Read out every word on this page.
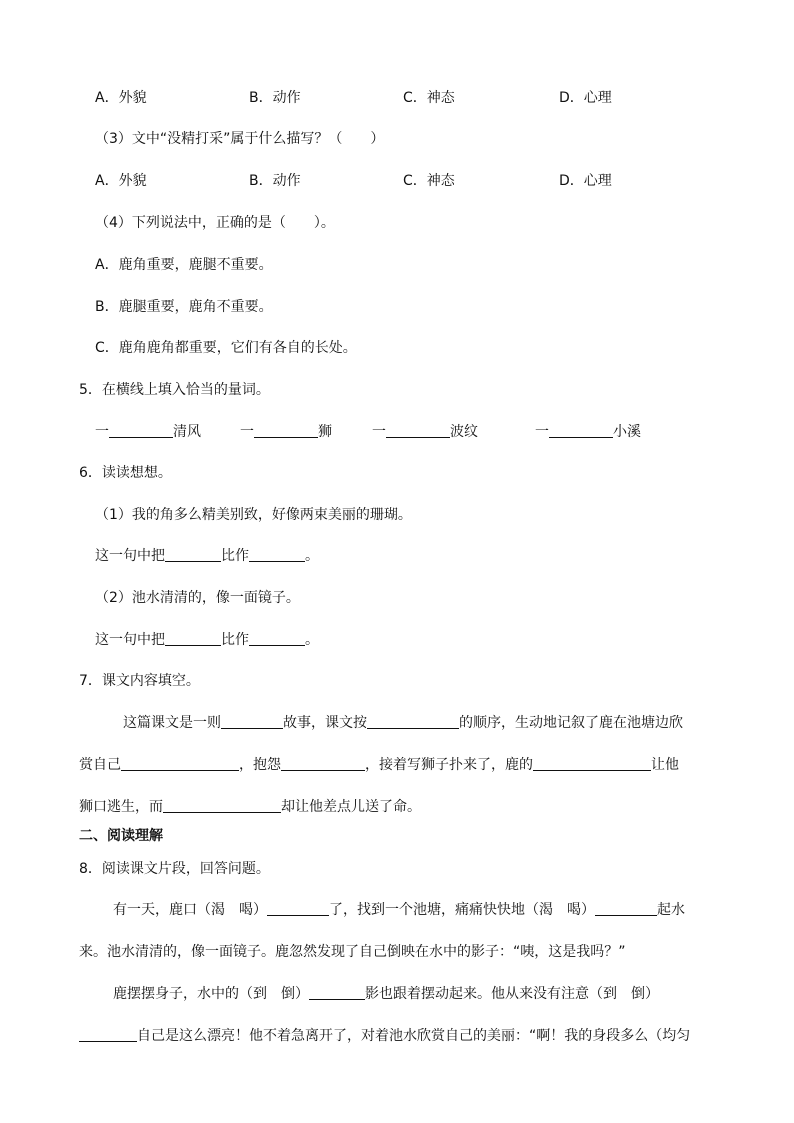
A．外貌	B．动作	C．神态	D．心理
（3）文中“没精打采”属于什么描写？（　　）
A．外貌	B．动作	C．神态	D．心理
（4）下列说法中，正确的是（　　）。
A．鹿角重要，鹿腿不重要。
B．鹿腿重要，鹿角不重要。
C．鹿角鹿角都重要，它们有各自的长处。
5．在横线上填入恰当的量词。
一	清风	一	狮	一	波纹	一	小溪
6．读读想想。
（1）我的角多么精美别致，好像两束美丽的珊瑚。
这一句中把	比作	。
（2）池水清清的，像一面镜子。
这一句中把	比作	。
7．课文内容填空。
这篇课文是一则	故事，课文按	的顺序，生动地记叙了鹿在池塘边欣
赏自己	，抱怨	，接着写狮子扑来了，鹿的	让他
狮口逃生，而	却让他差点儿送了命。
二、阅读理解
8．阅读课文片段，回答问题。
有一天，鹿口（渴　喝）	了，找到一个池塘，痛痛快快地（渴　喝）	起水
来。池水清清的，像一面镜子。鹿忽然发现了自己倒映在水中的影子：“咦，这是我吗？”
鹿摆摆身子，水中的（到　倒）	影也跟着摆动起来。他从来没有注意（到　倒）
自己是这么漂亮！他不着急离开了，对着池水欣赏自己的美丽：“啊！我的身段多么（均匀
